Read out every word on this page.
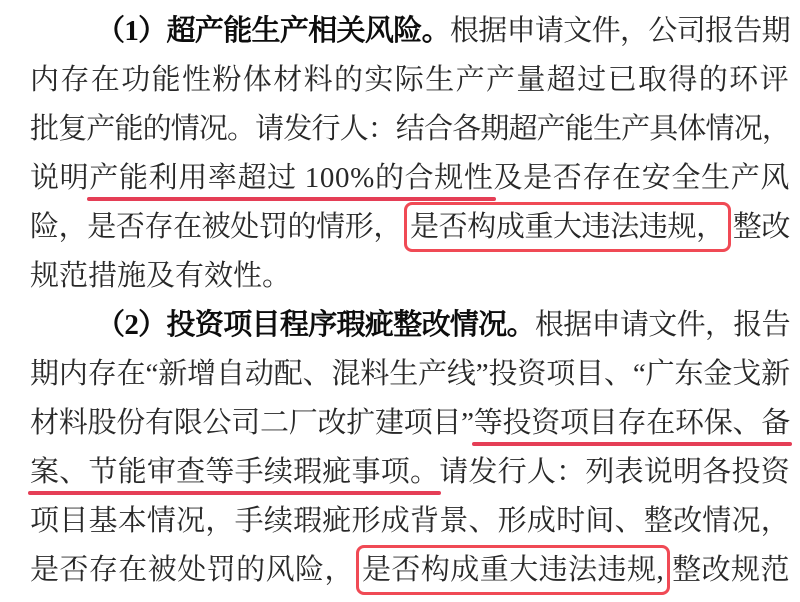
（1）超产能生产相关风险。根据申请文件，公司报告期
内存在功能性粉体材料的实际生产产量超过已取得的环评
批复产能的情况。请发行人：结合各期超产能生产具体情况，
说明产能利用率超过 100%的合规性及是否存在安全生产风
险，是否存在被处罚的情形， 是否构成重大违法违规， 整改
规范措施及有效性。
（2）投资项目程序瑕疵整改情况。根据申请文件，报告
期内存在“新增自动配、混料生产线”投资项目、“广东金戈新
材料股份有限公司二厂改扩建项目”等投资项目存在环保、备
案、节能审查等手续瑕疵事项。请发行人：列表说明各投资
项目基本情况，手续瑕疵形成背景、形成时间、整改情况，
是否存在被处罚的风险， 是否构成重大违法违规, 整改规范
